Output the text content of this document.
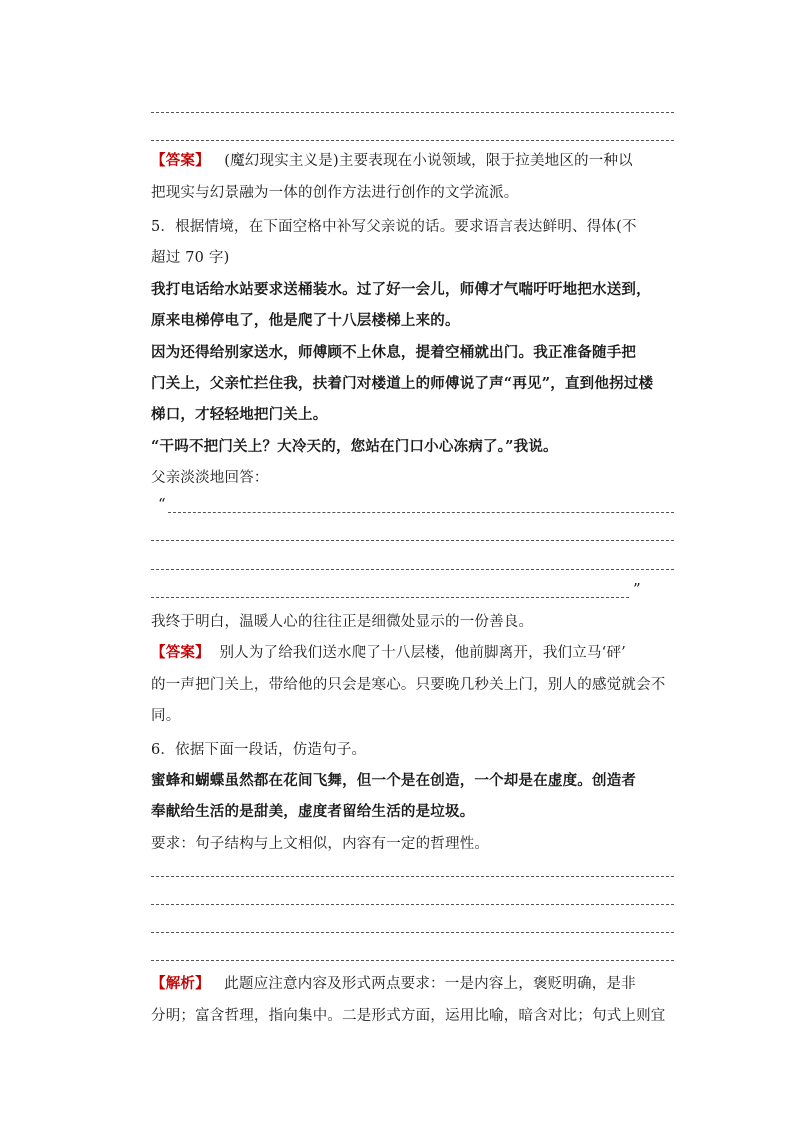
【答案】 (魔幻现实主义是)主要表现在小说领域，限于拉美地区的一种以
把现实与幻景融为一体的创作方法进行创作的文学流派。
5．根据情境，在下面空格中补写父亲说的话。要求语言表达鲜明、得体(不
超过 70 字)
我打电话给水站要求送桶装水。过了好一会儿，师傅才气喘吁吁地把水送到，
原来电梯停电了，他是爬了十八层楼梯上来的。
因为还得给别家送水，师傅顾不上休息，提着空桶就出门。我正准备随手把
门关上，父亲忙拦住我，扶着门对楼道上的师傅说了声“再见”，直到他拐过楼
梯口，才轻轻地把门关上。
“干吗不把门关上？大冷天的，您站在门口小心冻病了。”我说。
父亲淡淡地回答：
“
”
我终于明白，温暖人心的往往正是细微处显示的一份善良。
【答案】 别人为了给我们送水爬了十八层楼，他前脚离开，我们立马‘砰’
的一声把门关上，带给他的只会是寒心。只要晚几秒关上门，别人的感觉就会不
同。
6．依据下面一段话，仿造句子。
蜜蜂和蝴蝶虽然都在花间飞舞，但一个是在创造，一个却是在虚度。创造者
奉献给生活的是甜美，虚度者留给生活的是垃圾。
要求：句子结构与上文相似，内容有一定的哲理性。
【解析】 此题应注意内容及形式两点要求：一是内容上，褒贬明确，是非
分明；富含哲理，指向集中。二是形式方面，运用比喻，暗含对比；句式上则宜
